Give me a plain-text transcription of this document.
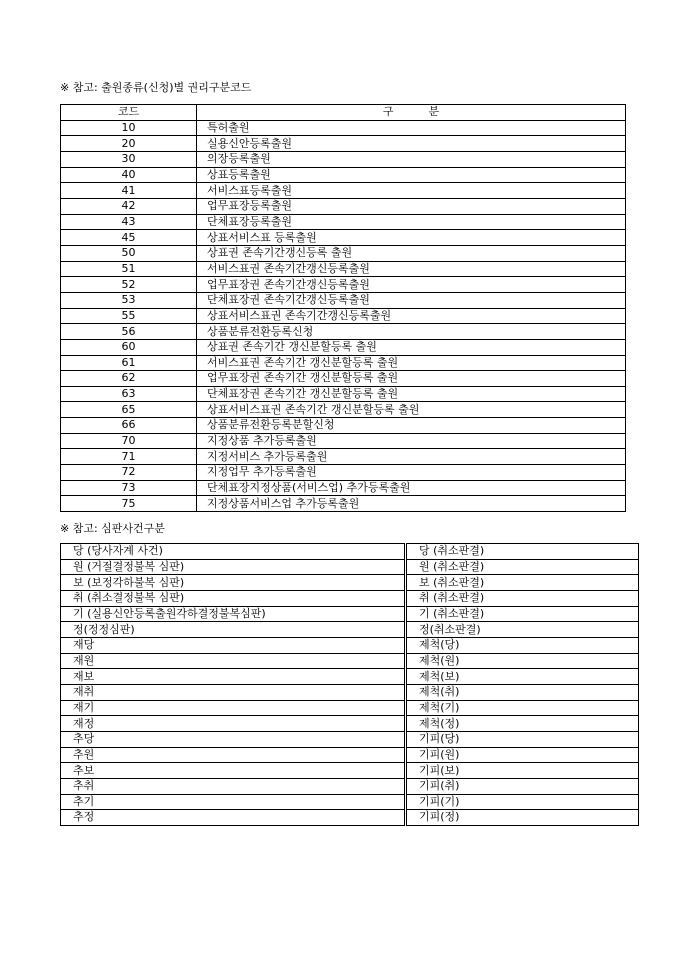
※ 참고: 출원종류(신청)별 권리구분코드
코드	구          분
10	특허출원
20	실용신안등록출원
30	의장등록출원
40	상표등록출원
41	서비스표등록출원
42	업무표장등록출원
43	단체표장등록출원
45	상표서비스표 등록출원
50	상표권 존속기간갱신등록 출원
51	서비스표권 존속기간갱신등록출원
52	업무표장권 존속기간갱신등록출원
53	단체표장권 존속기간갱신등록출원
55	상표서비스표권 존속기간갱신등록출원
56	상품분류전환등록신청
60	상표권 존속기간 갱신분할등록 출원
61	서비스표권 존속기간 갱신분할등록 출원
62	업무표장권 존속기간 갱신분할등록 출원
63	단체표장권 존속기간 갱신분할등록 출원
65	상표서비스표권 존속기간 갱신분할등록 출원
66	상품분류전환등록분할신청
70	지정상품 추가등록출원
71	지정서비스 추가등록출원
72	지정업무 추가등록출원
73	단체표장지정상품(서비스업) 추가등록출원
75	지정상품서비스업 추가등록출원
※ 참고: 심판사건구분
당 (당사자계 사건)	당 (취소판결)
원 (거절결정불복 심판)	원 (취소판결)
보 (보정각하불복 심판)	보 (취소판결)
취 (취소결정불복 심판)	취 (취소판결)
기 (실용신안등록출원각하결정불복심판)	기 (취소판결)
정(정정심판)	정(취소판결)
재당	제척(당)
재원	제척(원)
재보	제척(보)
재취	제척(취)
재기	제척(기)
재정	제척(정)
추당	기피(당)
추원	기피(원)
추보	기피(보)
추취	기피(취)
추기	기피(기)
추정	기피(정)
